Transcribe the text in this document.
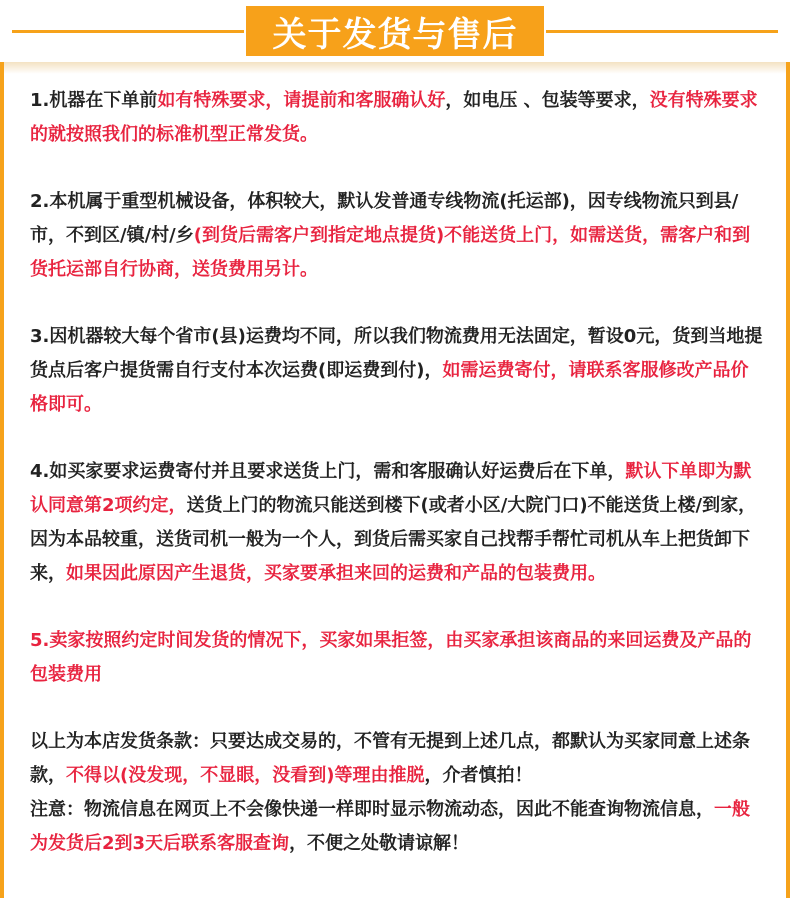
关于发货与售后
1.机器在下单前如有特殊要求，请提前和客服确认好，如电压 、包装等要求，没有特殊要求的就按照我们的标准机型正常发货。
2.本机属于重型机械设备，体积较大，默认发普通专线物流(托运部)，因专线物流只到县/市，不到区/镇/村/乡(到货后需客户到指定地点提货)不能送货上门，如需送货，需客户和到货托运部自行协商，送货费用另计。
3.因机器较大每个省市(县)运费均不同，所以我们物流费用无法固定，暂设0元，货到当地提货点后客户提货需自行支付本次运费(即运费到付)，如需运费寄付，请联系客服修改产品价格即可。
4.如买家要求运费寄付并且要求送货上门，需和客服确认好运费后在下单，默认下单即为默认同意第2项约定，送货上门的物流只能送到楼下(或者小区/大院门口)不能送货上楼/到家，因为本品较重，送货司机一般为一个人，到货后需买家自己找帮手帮忙司机从车上把货卸下来，如果因此原因产生退货，买家要承担来回的运费和产品的包装费用。
5.卖家按照约定时间发货的情况下，买家如果拒签，由买家承担该商品的来回运费及产品的包装费用
以上为本店发货条款：只要达成交易的，不管有无提到上述几点，都默认为买家同意上述条款，不得以(没发现，不显眼，没看到)等理由推脱，介者慎拍！
注意：物流信息在网页上不会像快递一样即时显示物流动态，因此不能查询物流信息，一般为发货后2到3天后联系客服查询，不便之处敬请谅解！
